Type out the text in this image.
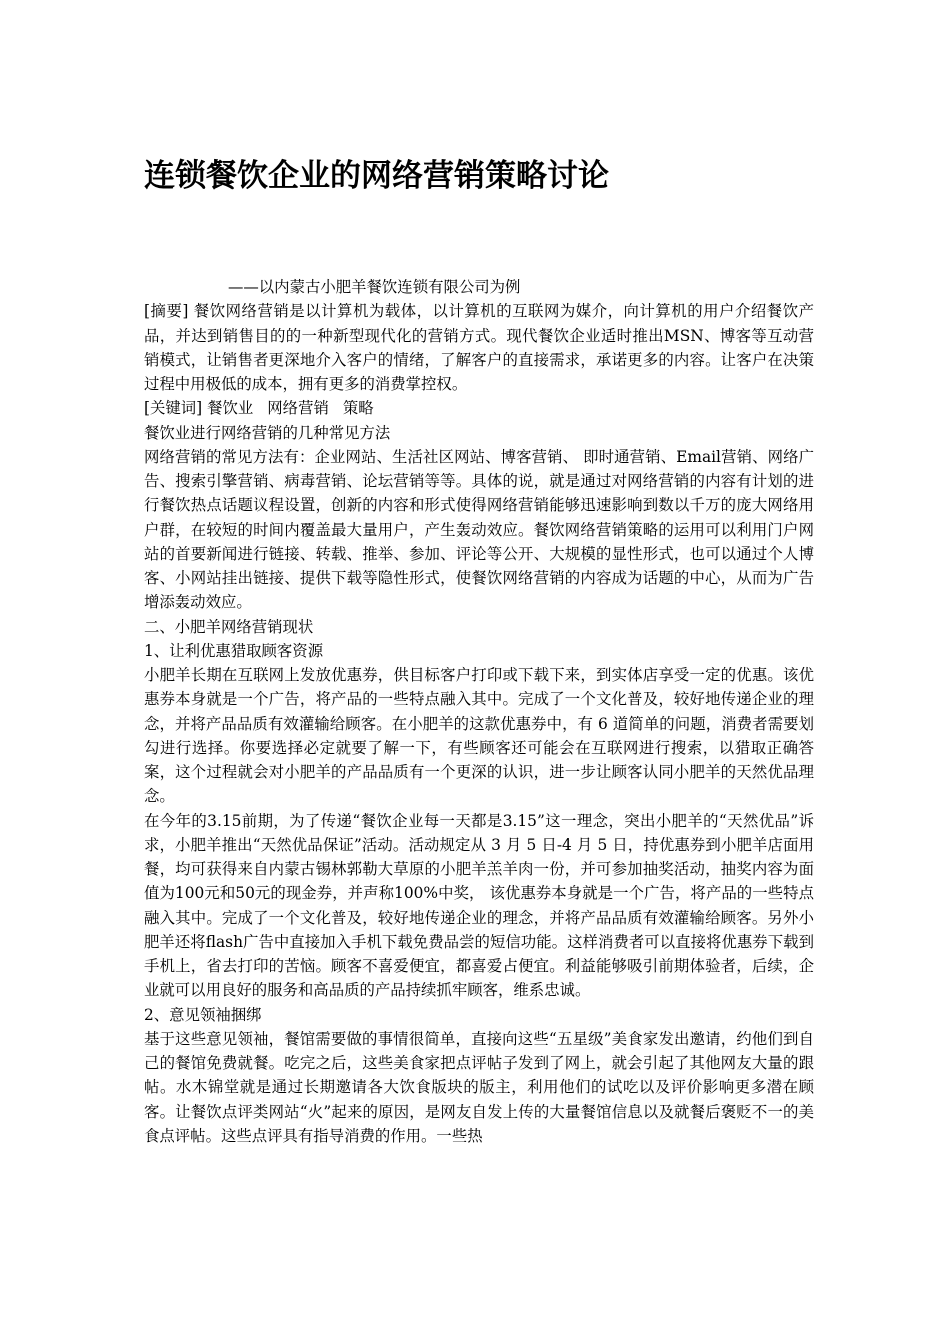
连锁餐饮企业的网络营销策略讨论

——以内蒙古小肥羊餐饮连锁有限公司为例

[摘要] 餐饮网络营销是以计算机为载体，以计算机的互联网为媒介，向计算机的用户介绍餐饮产品，并达到销售目的的一种新型现代化的营销方式。现代餐饮企业适时推出MSN、博客等互动营销模式，让销售者更深地介入客户的情绪，了解客户的直接需求，承诺更多的内容。让客户在决策过程中用极低的成本，拥有更多的消费掌控权。

[关键词] 餐饮业 网络营销 策略

餐饮业进行网络营销的几种常见方法

网络营销的常见方法有：企业网站、生活社区网站、博客营销、 即时通营销、Email营销、网络广告、搜索引擎营销、病毒营销、论坛营销等等。具体的说，就是通过对网络营销的内容有计划的进行餐饮热点话题议程设置，创新的内容和形式使得网络营销能够迅速影响到数以千万的庞大网络用户群，在较短的时间内覆盖最大量用户，产生轰动效应。餐饮网络营销策略的运用可以利用门户网站的首要新闻进行链接、转载、推举、参加、评论等公开、大规模的显性形式，也可以通过个人博客、小网站挂出链接、提供下载等隐性形式，使餐饮网络营销的内容成为话题的中心，从而为广告增添轰动效应。

二、小肥羊网络营销现状

1、让利优惠猎取顾客资源

小肥羊长期在互联网上发放优惠券，供目标客户打印或下载下来，到实体店享受一定的优惠。该优惠券本身就是一个广告，将产品的一些特点融入其中。完成了一个文化普及，较好地传递企业的理念，并将产品品质有效灌输给顾客。在小肥羊的这款优惠券中，有 6 道简单的问题，消费者需要划勾进行选择。你要选择必定就要了解一下，有些顾客还可能会在互联网进行搜索，以猎取正确答案，这个过程就会对小肥羊的产品品质有一个更深的认识，进一步让顾客认同小肥羊的天然优品理念。

在今年的3.15前期，为了传递“餐饮企业每一天都是3.15”这一理念，突出小肥羊的“天然优品”诉求，小肥羊推出“天然优品保证”活动。活动规定从 3 月 5 日-4 月 5 日，持优惠券到小肥羊店面用餐，均可获得来自内蒙古锡林郭勒大草原的小肥羊羔羊肉一份，并可参加抽奖活动，抽奖内容为面值为100元和50元的现金券，并声称100%中奖， 该优惠券本身就是一个广告，将产品的一些特点融入其中。完成了一个文化普及，较好地传递企业的理念，并将产品品质有效灌输给顾客。另外小肥羊还将flash广告中直接加入手机下载免费品尝的短信功能。这样消费者可以直接将优惠券下载到手机上，省去打印的苦恼。顾客不喜爱便宜，都喜爱占便宜。利益能够吸引前期体验者，后续，企业就可以用良好的服务和高品质的产品持续抓牢顾客，维系忠诚。

2、意见领袖捆绑

基于这些意见领袖，餐馆需要做的事情很简单，直接向这些“五星级”美食家发出邀请，约他们到自己的餐馆免费就餐。吃完之后，这些美食家把点评帖子发到了网上，就会引起了其他网友大量的跟帖。水木锦堂就是通过长期邀请各大饮食版块的版主，利用他们的试吃以及评价影响更多潜在顾客。让餐饮点评类网站“火”起来的原因，是网友自发上传的大量餐馆信息以及就餐后褒贬不一的美食点评帖。这些点评具有指导消费的作用。一些热
